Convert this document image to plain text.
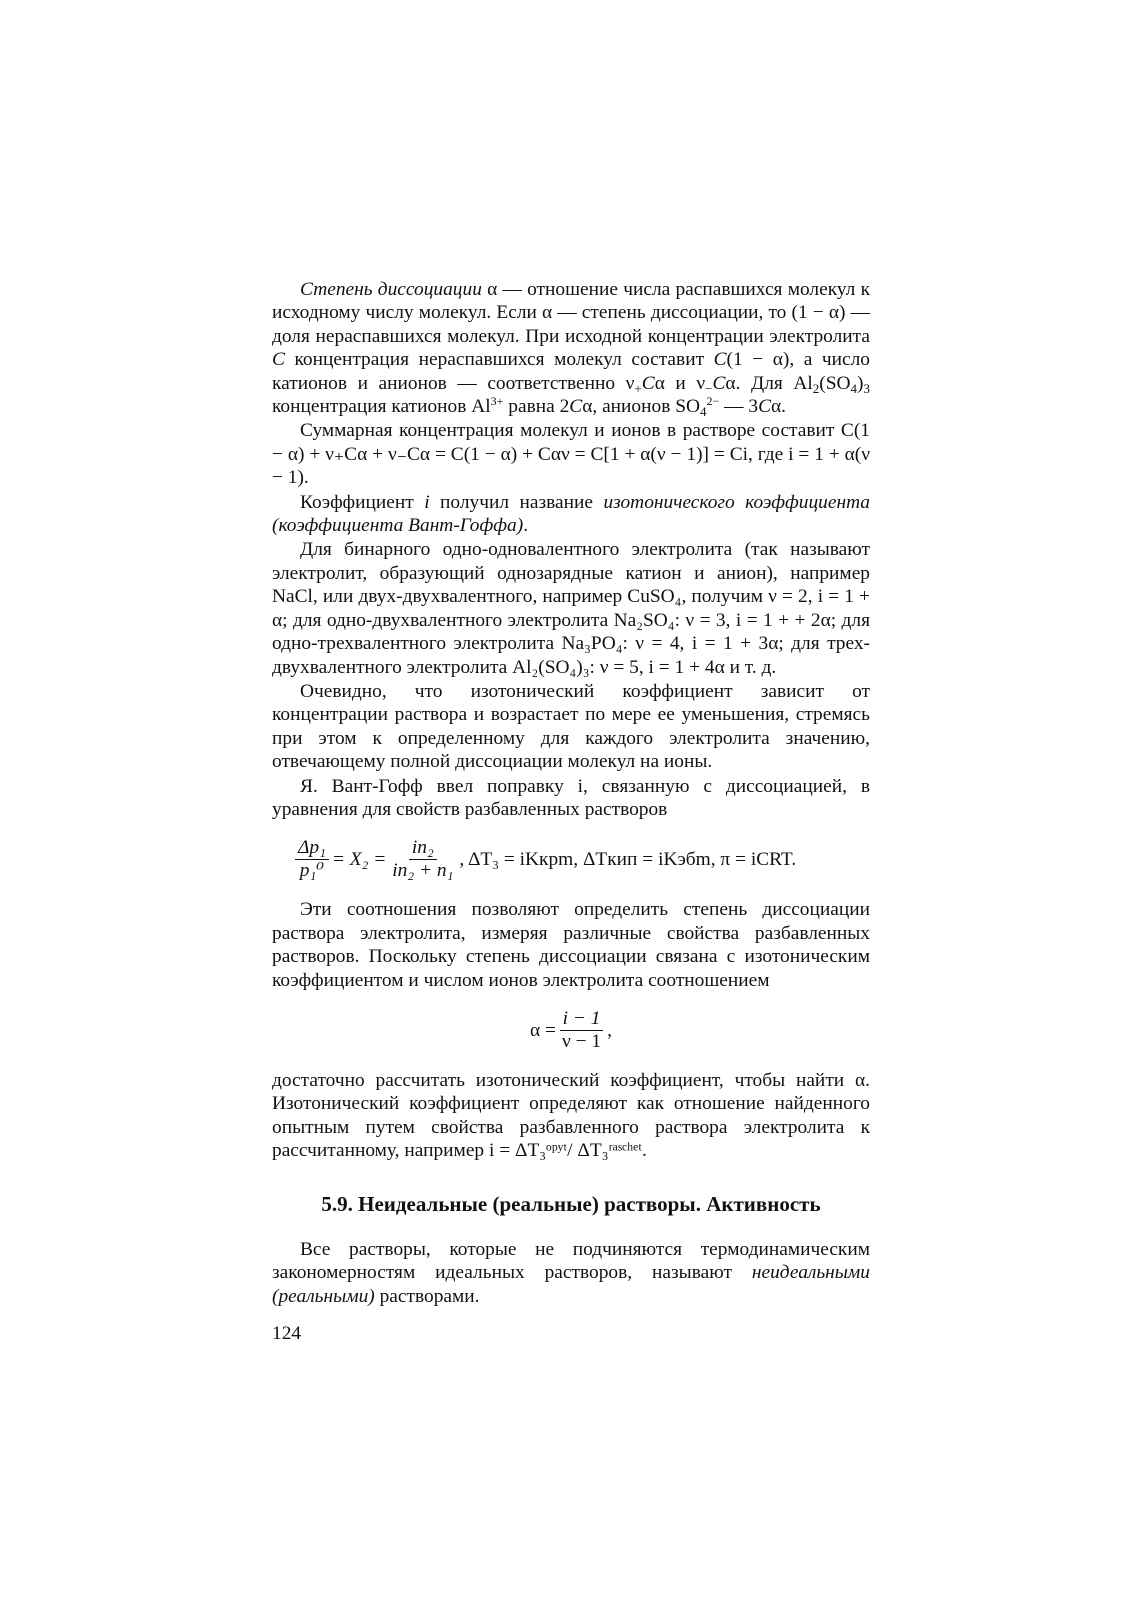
Степень диссоциации α — отношение числа распавшихся молекул к исходному числу молекул. Если α — степень диссоциации, то (1 − α) — доля нераспавшихся молекул. При исходной концентрации электролита C концентрация нераспавшихся молекул составит C(1 − α), а число катионов и анионов — соответственно $\nu_+C\alpha$ и $\nu_-C\alpha$. Для $Al_2(SO_4)_3$ концентрация катионов $Al^{3+}$ равна 2Cα, анионов $SO_4^{2-}$ — 3Cα.

Суммарная концентрация молекул и ионов в растворе составит C(1 − α) + ν₊Cα + ν₋Cα = C(1 − α) + Cαν = C[1 + α(ν − 1)] = Ci, где i = 1 + α(ν − 1).

Коэффициент i получил название изотонического коэффициента (коэффициента Вант-Гоффа).

Для бинарного одно-одновалентного электролита (так называют электролит, образующий однозарядные катион и анион), например NaCl, или двух-двухвалентного, например CuSO₄, получим ν = 2, i = 1 + α; для одно-двухвалентного электролита Na₂SO₄: ν = 3, i = 1 + + 2α; для одно-трехвалентного электролита Na₃PO₄: ν = 4, i = 1 + 3α; для трех-двухвалентного электролита Al₂(SO₄)₃: ν = 5, i = 1 + 4α и т. д.

Очевидно, что изотонический коэффициент зависит от концентрации раствора и возрастает по мере ее уменьшения, стремясь при этом к определенному для каждого электролита значению, отвечающему полной диссоциации молекул на ионы.

Я. Вант-Гофф ввел поправку i, связанную с диссоциацией, в уравнения для свойств разбавленных растворов

$\frac{\text{Δp₁}}{\text{p₁⁰}} = X_2 = \frac{\text{in₂}}{\text{in₂ + n₁}}$ , ΔT₃ = iKкрm, ΔTкип = iKэбm, π = iCRT.

Эти соотношения позволяют определить степень диссоциации раствора электролита, измеряя различные свойства разбавленных растворов. Поскольку степень диссоциации связана с изотоническим коэффициентом и числом ионов электролита соотношением

$\alpha = \frac{i - 1}{\nu - 1}$ ,

достаточно рассчитать изотонический коэффициент, чтобы найти α. Изотонический коэффициент определяют как отношение найденного опытным путем свойства разбавленного раствора электролита к рассчитанному, например i = ΔT₃ᵒᵖʸᵗ/ ΔT₃ʳᵃˢᶜʰᵉᵗ.

5.9. Неидеальные (реальные) растворы. Активность

Все растворы, которые не подчиняются термодинамическим закономерностям идеальных растворов, называют неидеальными (реальными) растворами.

124
